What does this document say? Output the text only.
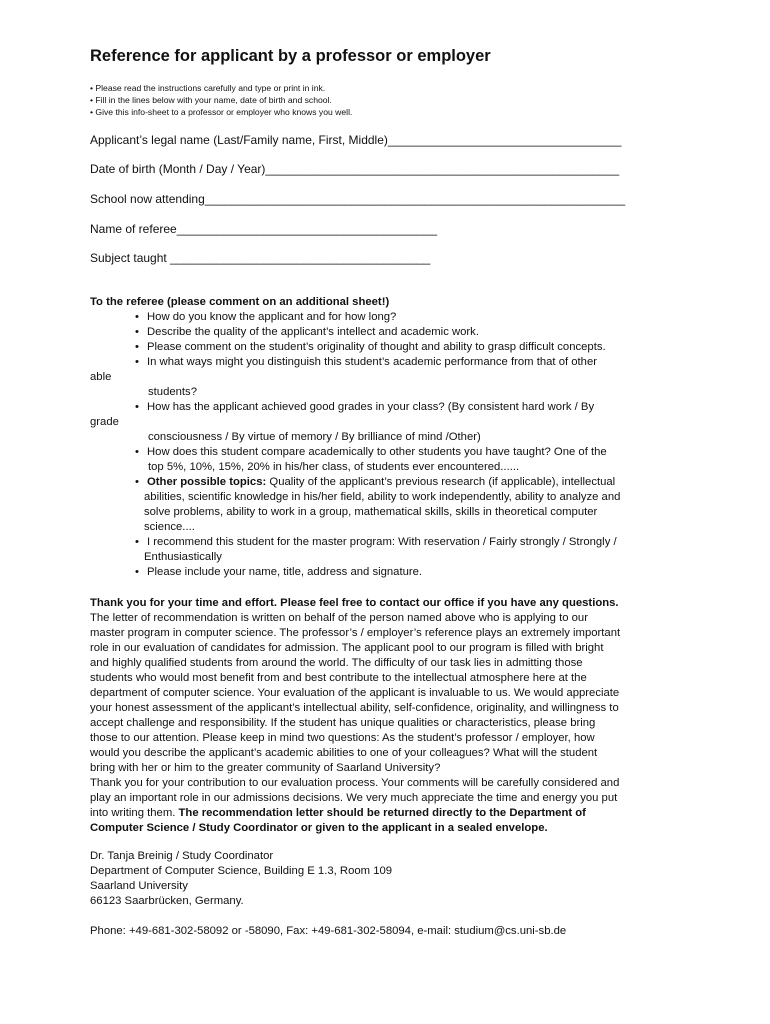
Reference for applicant by a professor or employer
• Please read the instructions carefully and type or print in ink.
• Fill in the lines below with your name, date of birth and school.
• Give this info-sheet to a professor or employer who knows you well.
Applicant’s legal name (Last/Family name, First, Middle)___________________________________
Date of birth (Month / Day / Year)_____________________________________________________
School now attending_______________________________________________________________
Name of referee_______________________________________
Subject taught _______________________________________

To the referee (please comment on an additional sheet!)

• How do you know the applicant and for how long?

• Describe the quality of the applicant’s intellect and academic work.

• Please comment on the student’s originality of thought and ability to grasp difficult concepts.

• In what ways might you distinguish this student’s academic performance from that of other

able

students?

• How has the applicant achieved good grades in your class? (By consistent hard work / By

grade

consciousness / By virtue of memory / By brilliance of mind /Other)

• How does this student compare academically to other students you have taught? One of the

top 5%, 10%, 15%, 20% in his/her class, of students ever encountered......

• Other possible topics: Quality of the applicant’s previous research (if applicable), intellectual

abilities, scientific knowledge in his/her field, ability to work independently, ability to analyze and

solve problems, ability to work in a group, mathematical skills, skills in theoretical computer

science....

• I recommend this student for the master program: With reservation / Fairly strongly / Strongly /

Enthusiastically

• Please include your name, title, address and signature.

Thank you for your time and effort. Please feel free to contact our office if you have any questions.

The letter of recommendation is written on behalf of the person named above who is applying to our

master program in computer science. The professor’s / employer’s reference plays an extremely important

role in our evaluation of candidates for admission. The applicant pool to our program is filled with bright

and highly qualified students from around the world. The difficulty of our task lies in admitting those

students who would most benefit from and best contribute to the intellectual atmosphere here at the

department of computer science. Your evaluation of the applicant is invaluable to us. We would appreciate

your honest assessment of the applicant’s intellectual ability, self-confidence, originality, and willingness to

accept challenge and responsibility. If the student has unique qualities or characteristics, please bring

those to our attention. Please keep in mind two questions: As the student’s professor / employer, how

would you describe the applicant’s academic abilities to one of your colleagues? What will the student

bring with her or him to the greater community of Saarland University?

Thank you for your contribution to our evaluation process. Your comments will be carefully considered and

play an important role in our admissions decisions. We very much appreciate the time and energy you put

into writing them. The recommendation letter should be returned directly to the Department of

Computer Science / Study Coordinator or given to the applicant in a sealed envelope.

Dr. Tanja Breinig / Study Coordinator

Department of Computer Science, Building E 1.3, Room 109

Saarland University

66123 Saarbrücken, Germany.

Phone: +49-681-302-58092 or -58090, Fax: +49-681-302-58094, e-mail: studium@cs.uni-sb.de
